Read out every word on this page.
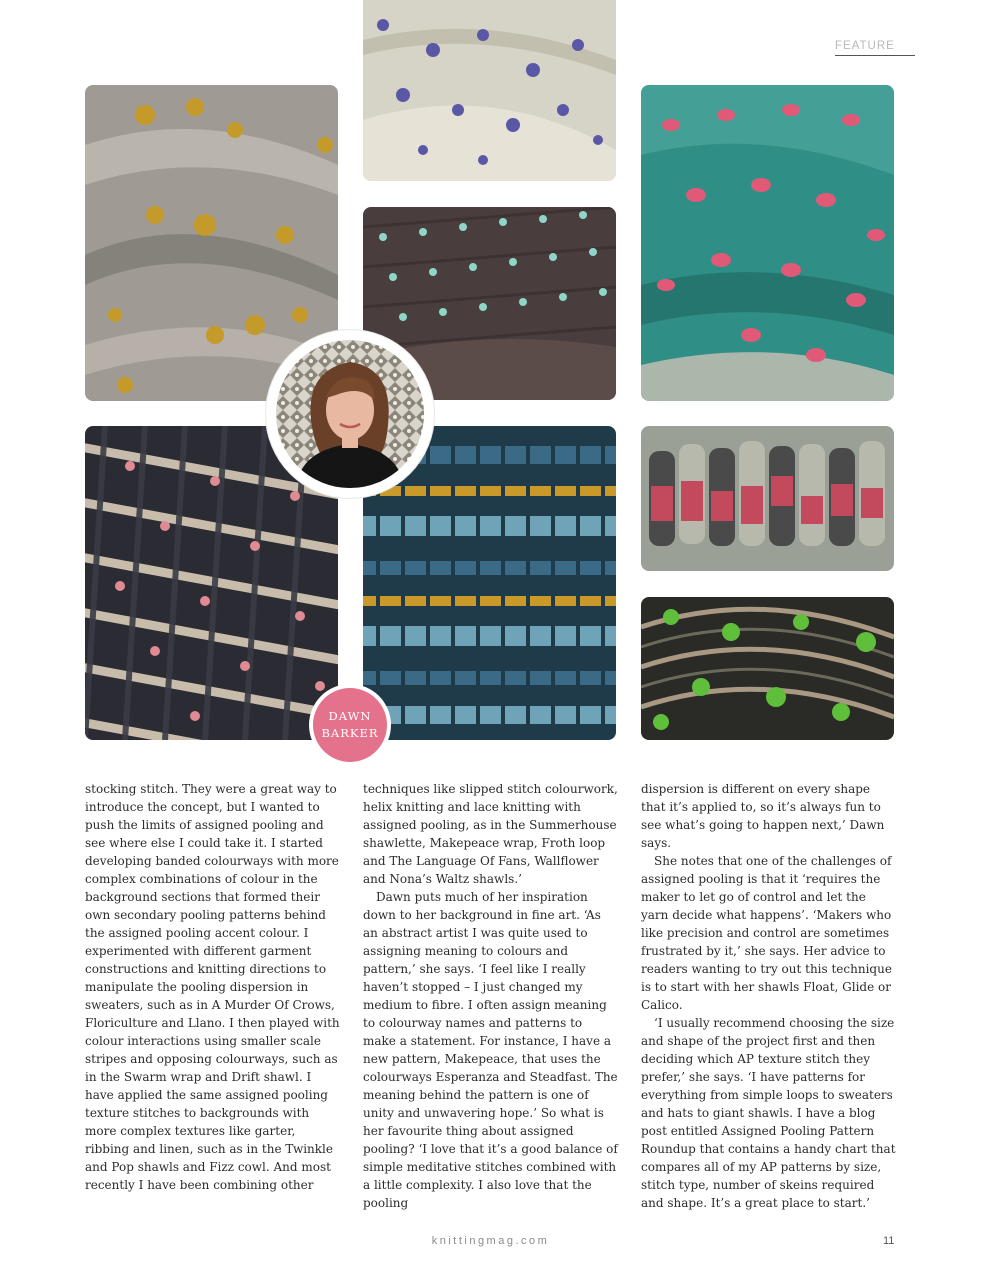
FEATURE
DAWN
BARKER

stocking stitch. They were a great way to introduce the concept, but I wanted to push the limits of assigned pooling and see where else I could take it. I started developing banded colourways with more complex combinations of colour in the background sections that formed their own secondary pooling patterns behind the assigned pooling accent colour. I experimented with different garment constructions and knitting directions to manipulate the pooling dispersion in sweaters, such as in A Murder Of Crows, Floriculture and Llano. I then played with colour interactions using smaller scale stripes and opposing colourways, such as in the Swarm wrap and Drift shawl. I have applied the same assigned pooling texture stitches to backgrounds with more complex textures like garter, ribbing and linen, such as in the Twinkle and Pop shawls and Fizz cowl. And most recently I have been combining other

techniques like slipped stitch colourwork, helix knitting and lace knitting with assigned pooling, as in the Summerhouse shawlette, Makepeace wrap, Froth loop and The Language Of Fans, Wallflower and Nona’s Waltz shawls.’

Dawn puts much of her inspiration down to her background in fine art. ‘As an abstract artist I was quite used to assigning meaning to colours and pattern,’ she says. ‘I feel like I really haven’t stopped – I just changed my medium to fibre. I often assign meaning to colourway names and patterns to make a statement. For instance, I have a new pattern, Makepeace, that uses the colourways Esperanza and Steadfast. The meaning behind the pattern is one of unity and unwavering hope.’ So what is her favourite thing about assigned pooling? ‘I love that it’s a good balance of simple meditative stitches combined with a little complexity. I also love that the pooling

dispersion is different on every shape that it’s applied to, so it’s always fun to see what’s going to happen next,’ Dawn says.

She notes that one of the challenges of assigned pooling is that it ‘requires the maker to let go of control and let the yarn decide what happens’. ‘Makers who like precision and control are sometimes frustrated by it,’ she says. Her advice to readers wanting to try out this technique is to start with her shawls Float, Glide or Calico.

‘I usually recommend choosing the size and shape of the project first and then deciding which AP texture stitch they prefer,’ she says. ‘I have patterns for everything from simple loops to sweaters and hats to giant shawls. I have a blog post entitled Assigned Pooling Pattern Roundup that contains a handy chart that compares all of my AP patterns by size, stitch type, number of skeins required and shape. It’s a great place to start.’

knittingmag.com	11
